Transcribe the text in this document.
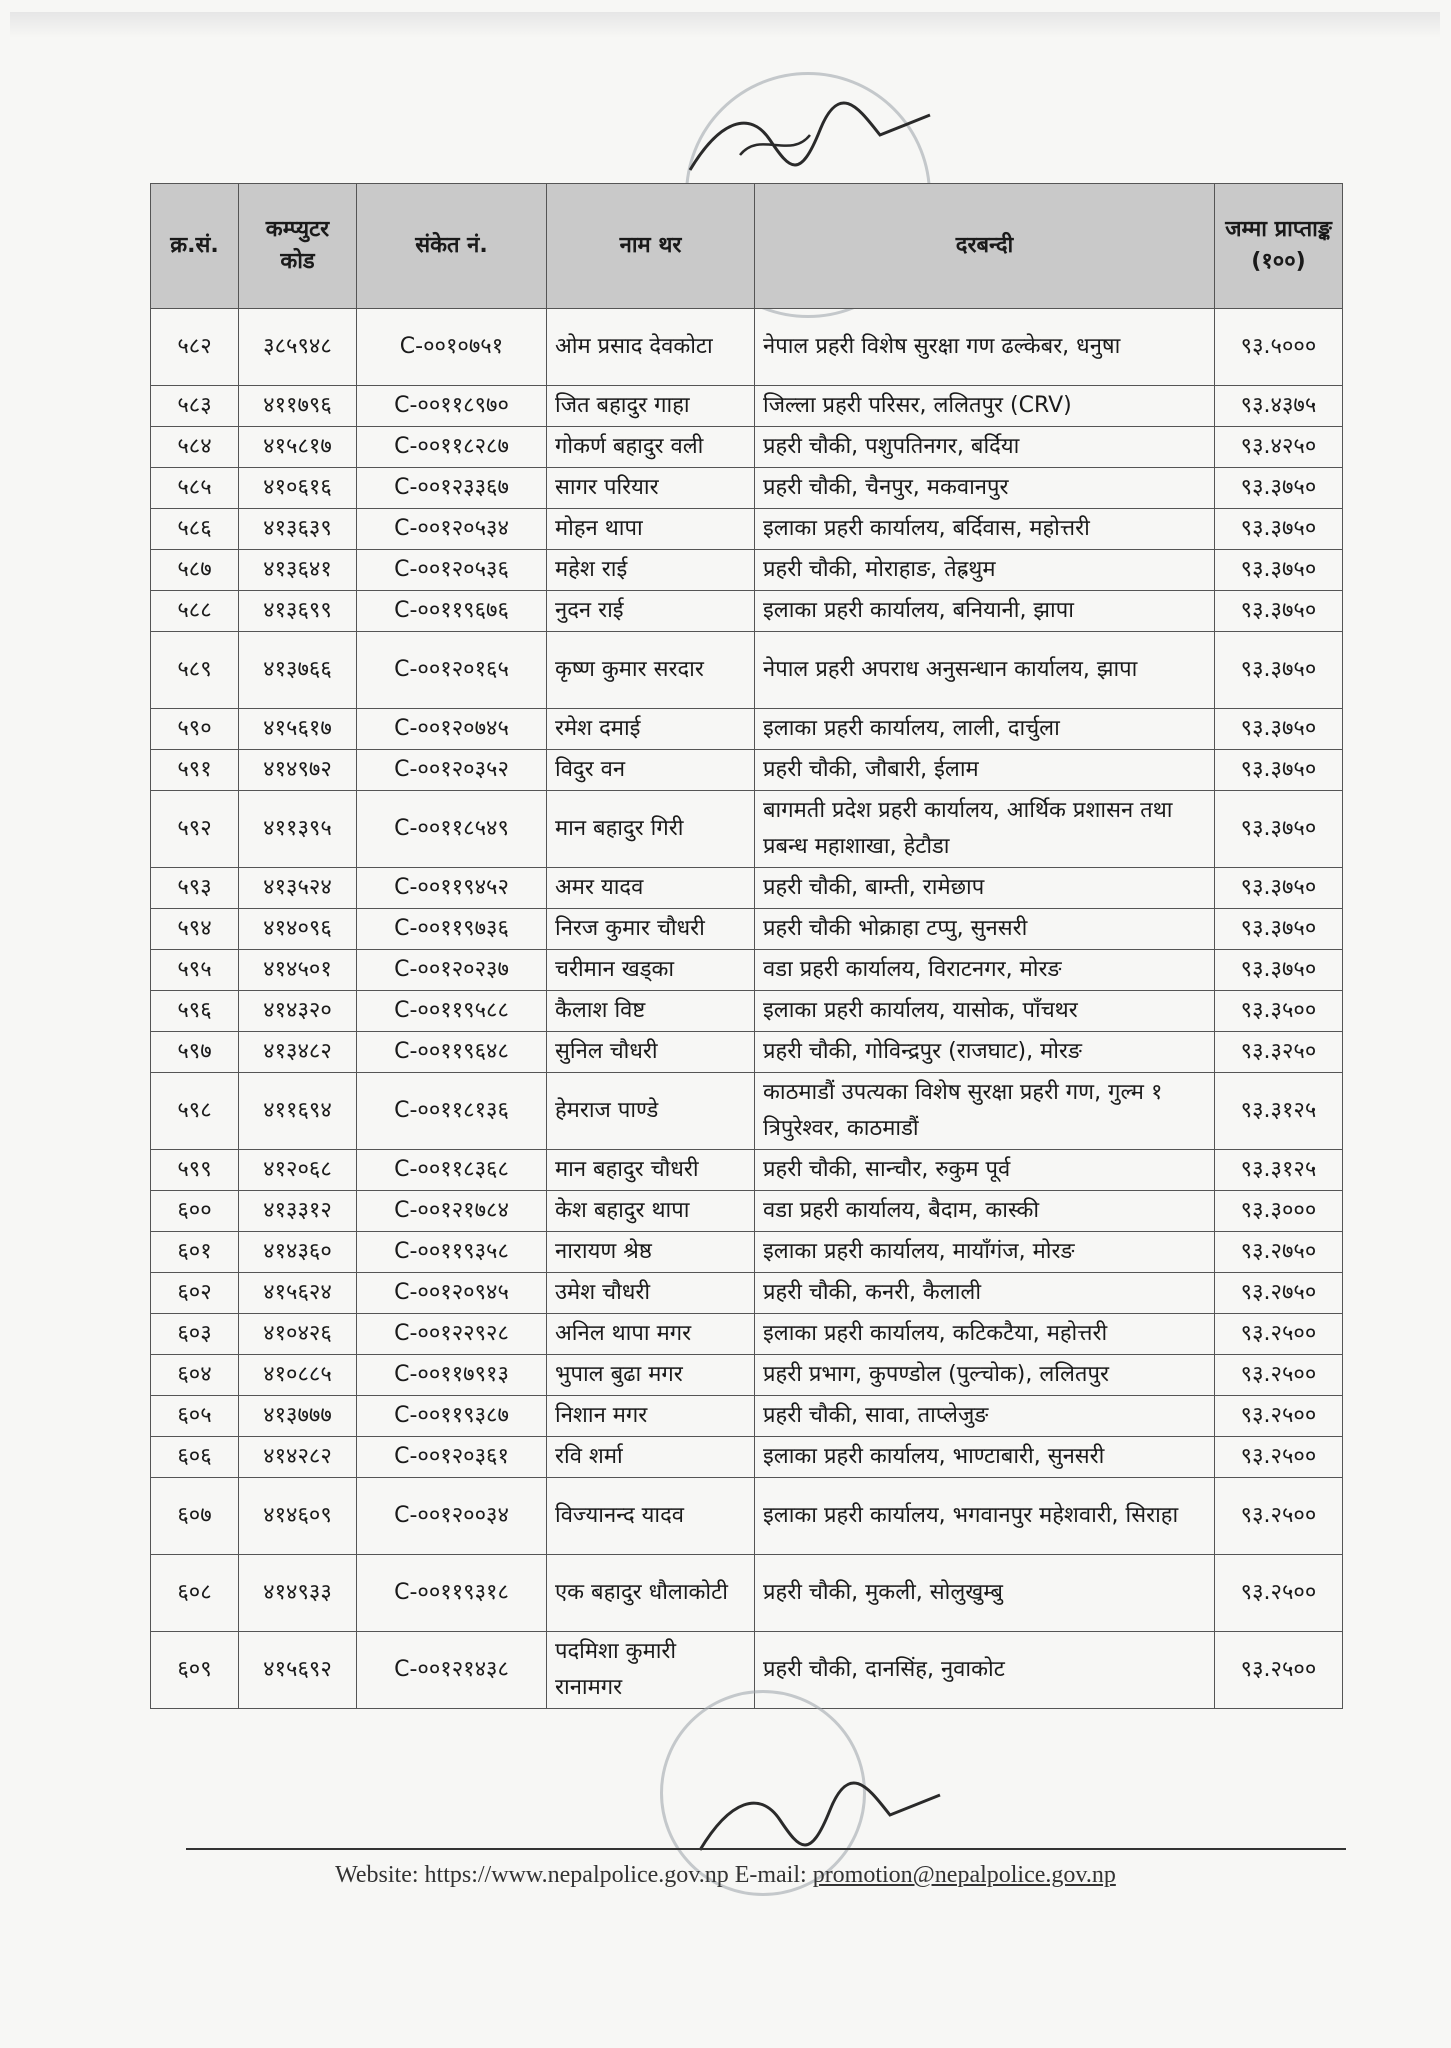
क्र.सं.	कम्प्युटर कोड	संकेत नं.	नाम थर	दरबन्दी	जम्मा प्राप्ताङ्क (१००)
५८२	३८५९४८	C-००१०७५१	ओम प्रसाद देवकोटा	नेपाल प्रहरी विशेष सुरक्षा गण ढल्केबर, धनुषा	९३.५०००
५८३	४११७९६	C-००११८९७०	जित बहादुर गाहा	जिल्ला प्रहरी परिसर, ललितपुर (CRV)	९३.४३७५
५८४	४१५८१७	C-००११८२८७	गोकर्ण बहादुर वली	प्रहरी चौकी, पशुपतिनगर, बर्दिया	९३.४२५०
५८५	४१०६१६	C-००१२३३६७	सागर परियार	प्रहरी चौकी, चैनपुर, मकवानपुर	९३.३७५०
५८६	४१३६३९	C-००१२०५३४	मोहन थापा	इलाका प्रहरी कार्यालय, बर्दिवास, महोत्तरी	९३.३७५०
५८७	४१३६४१	C-००१२०५३६	महेश राई	प्रहरी चौकी, मोराहाङ, तेह्रथुम	९३.३७५०
५८८	४१३६९९	C-००११९६७६	नुदन राई	इलाका प्रहरी कार्यालय, बनियानी, झापा	९३.३७५०
५८९	४१३७६६	C-००१२०१६५	कृष्ण कुमार सरदार	नेपाल प्रहरी अपराध अनुसन्धान कार्यालय, झापा	९३.३७५०
५९०	४१५६१७	C-००१२०७४५	रमेश दमाई	इलाका प्रहरी कार्यालय, लाली, दार्चुला	९३.३७५०
५९१	४१४९७२	C-००१२०३५२	विदुर वन	प्रहरी चौकी, जौबारी, ईलाम	९३.३७५०
५९२	४११३९५	C-००११८५४९	मान बहादुर गिरी	बागमती प्रदेश प्रहरी कार्यालय, आर्थिक प्रशासन तथा प्रबन्ध महाशाखा, हेटौडा	९३.३७५०
५९३	४१३५२४	C-००११९४५२	अमर यादव	प्रहरी चौकी, बाम्ती, रामेछाप	९३.३७५०
५९४	४१४०९६	C-००११९७३६	निरज कुमार चौधरी	प्रहरी चौकी भोक्राहा टप्पु, सुनसरी	९३.३७५०
५९५	४१४५०१	C-००१२०२३७	चरीमान खड्का	वडा प्रहरी कार्यालय, विराटनगर, मोरङ	९३.३७५०
५९६	४१४३२०	C-००११९५८८	कैलाश विष्ट	इलाका प्रहरी कार्यालय, यासोक, पाँचथर	९३.३५००
५९७	४१३४८२	C-००११९६४८	सुनिल चौधरी	प्रहरी चौकी, गोविन्द्रपुर (राजघाट), मोरङ	९३.३२५०
५९८	४११६९४	C-००११८१३६	हेमराज पाण्डे	काठमाडौं उपत्यका विशेष सुरक्षा प्रहरी गण, गुल्म १ त्रिपुरेश्वर, काठमाडौं	९३.३१२५
५९९	४१२०६८	C-००११८३६८	मान बहादुर चौधरी	प्रहरी चौकी, सान्चौर, रुकुम पूर्व	९३.३१२५
६००	४१३३१२	C-००१२१७८४	केश बहादुर थापा	वडा प्रहरी कार्यालय, बैदाम, कास्की	९३.३०००
६०१	४१४३६०	C-००११९३५८	नारायण श्रेष्ठ	इलाका प्रहरी कार्यालय, मायाँगंज, मोरङ	९३.२७५०
६०२	४१५६२४	C-००१२०९४५	उमेश चौधरी	प्रहरी चौकी, कनरी, कैलाली	९३.२७५०
६०३	४१०४२६	C-००१२२९२८	अनिल थापा मगर	इलाका प्रहरी कार्यालय, कटिकटैया, महोत्तरी	९३.२५००
६०४	४१०८८५	C-००११७९१३	भुपाल बुढा मगर	प्रहरी प्रभाग, कुपण्डोल (पुल्चोक), ललितपुर	९३.२५००
६०५	४१३७७७	C-००११९३८७	निशान मगर	प्रहरी चौकी, सावा, ताप्लेजुङ	९३.२५००
६०६	४१४२८२	C-००१२०३६१	रवि शर्मा	इलाका प्रहरी कार्यालय, भाण्टाबारी, सुनसरी	९३.२५००
६०७	४१४६०९	C-००१२००३४	विज्यानन्द यादव	इलाका प्रहरी कार्यालय, भगवानपुर महेशवारी, सिराहा	९३.२५००
६०८	४१४९३३	C-००११९३१८	एक बहादुर धौलाकोटी	प्रहरी चौकी, मुकली, सोलुखुम्बु	९३.२५००
६०९	४१५६९२	C-००१२१४३८	पदमिशा कुमारी रानामगर	प्रहरी चौकी, दानसिंह, नुवाकोट	९३.२५००
Website: https://www.nepalpolice.gov.np E-mail: promotion@nepalpolice.gov.np
